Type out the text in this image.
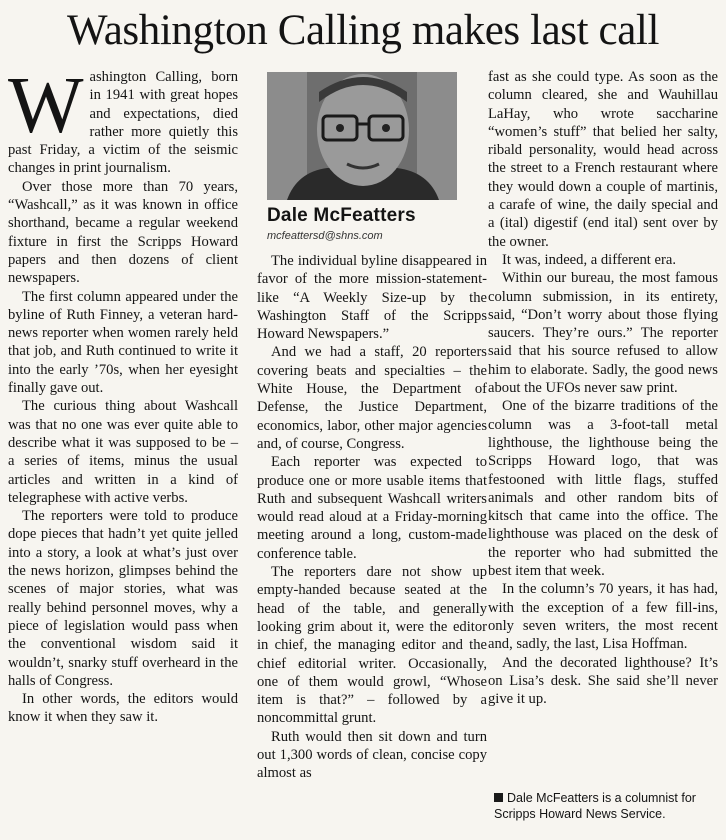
Washington Calling makes last call

Washington Calling, born in 1941 with great hopes and expectations, died rather more quietly this past Friday, a victim of the seismic changes in print journalism.

Over those more than 70 years, “Washcall,” as it was known in office shorthand, became a regular weekend fixture in first the Scripps Howard papers and then dozens of client newspapers.

The first column appeared under the byline of Ruth Finney, a veteran hard-news reporter when women rarely held that job, and Ruth continued to write it into the early ’70s, when her eyesight finally gave out.

The curious thing about Washcall was that no one was ever quite able to describe what it was supposed to be – a series of items, minus the usual articles and written in a kind of telegraphese with active verbs.

The reporters were told to produce dope pieces that hadn’t yet quite jelled into a story, a look at what’s just over the news horizon, glimpses behind the scenes of major stories, what was really behind personnel moves, why a piece of legislation would pass when the conventional wisdom said it wouldn’t, snarky stuff overheard in the halls of Congress.

In other words, the editors would know it when they saw it.

Dale McFeatters
mcfeattersd@shns.com

The individual byline disappeared in favor of the more mission-statement-like “A Weekly Size-up by the Washington Staff of the Scripps Howard Newspapers.”

And we had a staff, 20 reporters covering beats and specialties – the White House, the Department of Defense, the Justice Department, economics, labor, other major agencies and, of course, Congress.

Each reporter was expected to produce one or more usable items that Ruth and subsequent Washcall writers would read aloud at a Friday-morning meeting around a long, custom-made conference table.

The reporters dare not show up empty-handed because seated at the head of the table, and generally looking grim about it, were the editor in chief, the managing editor and the chief editorial writer. Occasionally, one of them would growl, “Whose item is that?” – followed by a noncommittal grunt.

Ruth would then sit down and turn out 1,300 words of clean, concise copy almost as

fast as she could type. As soon as the column cleared, she and Wauhillau LaHay, who wrote saccharine “women’s stuff” that belied her salty, ribald personality, would head across the street to a French restaurant where they would down a couple of martinis, a carafe of wine, the daily special and a (ital) digestif (end ital) sent over by the owner.

It was, indeed, a different era.

Within our bureau, the most famous column submission, in its entirety, said, “Don’t worry about those flying saucers. They’re ours.” The reporter said that his source refused to allow him to elaborate. Sadly, the good news about the UFOs never saw print.

One of the bizarre traditions of the column was a 3-foot-tall metal lighthouse, the lighthouse being the Scripps Howard logo, that was festooned with little flags, stuffed animals and other random bits of kitsch that came into the office. The lighthouse was placed on the desk of the reporter who had submitted the best item that week.

In the column’s 70 years, it has had, with the exception of a few fill-ins, only seven writers, the most recent and, sadly, the last, Lisa Hoffman.

And the decorated lighthouse? It’s on Lisa’s desk. She said she’ll never give it up.

Dale McFeatters is a columnist for Scripps Howard News Service.
